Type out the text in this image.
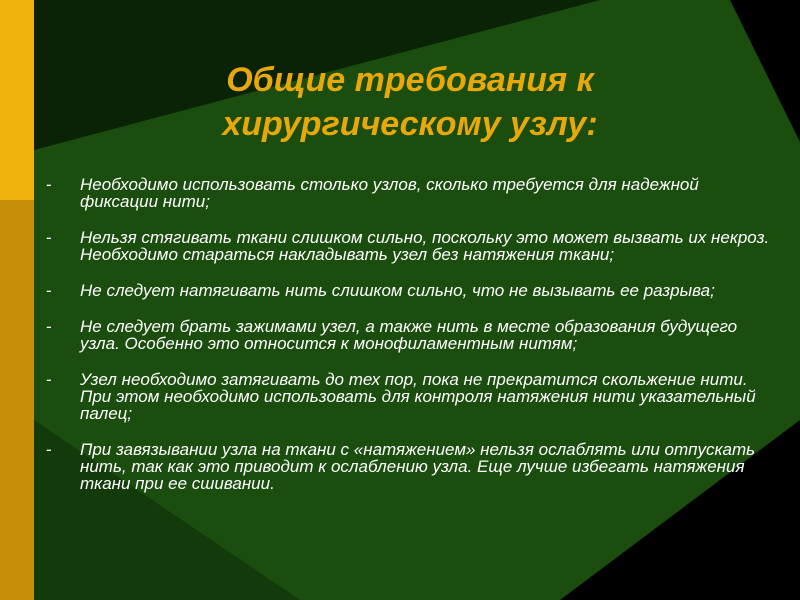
Общие требования к
хирургическому узлу:
- Необходимо использовать столько узлов, сколько требуется для надежной фиксации нити;
- Нельзя стягивать ткани слишком сильно, поскольку это может вызвать их некроз. Необходимо стараться накладывать узел без натяжения ткани;
- Не следует натягивать нить слишком сильно, что не вызывать ее разрыва;
- Не следует брать зажимами узел, а также нить в месте образования будущего узла. Особенно это относится к монофиламентным нитям;
- Узел необходимо затягивать до тех пор, пока не прекратится скольжение нити. При этом необходимо использовать для контроля натяжения нити указательный палец;
- При завязывании узла на ткани с «натяжением» нельзя ослаблять или отпускать нить, так как это приводит к ослаблению узла. Еще лучше избегать натяжения ткани при ее сшивании.
